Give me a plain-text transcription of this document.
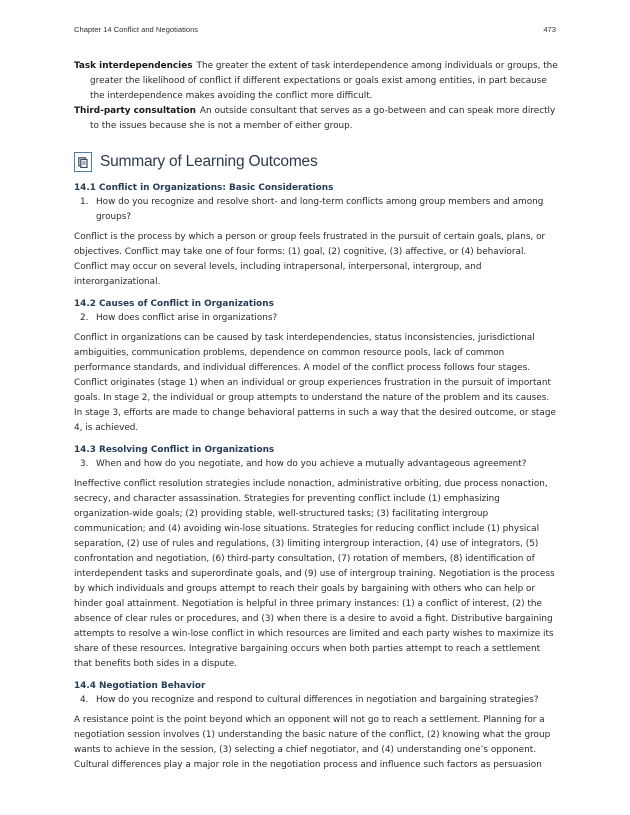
Chapter 14 Conflict and Negotiations	473

Task interdependencies The greater the extent of task interdependence among individuals or groups, the greater the likelihood of conflict if different expectations or goals exist among entities, in part because the interdependence makes avoiding the conflict more difficult.

Third-party consultation An outside consultant that serves as a go-between and can speak more directly to the issues because she is not a member of either group.

Summary of Learning Outcomes

14.1 Conflict in Organizations: Basic Considerations

1. How do you recognize and resolve short- and long-term conflicts among group members and among groups?

Conflict is the process by which a person or group feels frustrated in the pursuit of certain goals, plans, or objectives. Conflict may take one of four forms: (1) goal, (2) cognitive, (3) affective, or (4) behavioral. Conflict may occur on several levels, including intrapersonal, interpersonal, intergroup, and interorganizational.

14.2 Causes of Conflict in Organizations

2. How does conflict arise in organizations?

Conflict in organizations can be caused by task interdependencies, status inconsistencies, jurisdictional ambiguities, communication problems, dependence on common resource pools, lack of common performance standards, and individual differences. A model of the conflict process follows four stages. Conflict originates (stage 1) when an individual or group experiences frustration in the pursuit of important goals. In stage 2, the individual or group attempts to understand the nature of the problem and its causes. In stage 3, efforts are made to change behavioral patterns in such a way that the desired outcome, or stage 4, is achieved.

14.3 Resolving Conflict in Organizations

3. When and how do you negotiate, and how do you achieve a mutually advantageous agreement?

Ineffective conflict resolution strategies include nonaction, administrative orbiting, due process nonaction, secrecy, and character assassination. Strategies for preventing conflict include (1) emphasizing organization-wide goals; (2) providing stable, well-structured tasks; (3) facilitating intergroup communication; and (4) avoiding win-lose situations. Strategies for reducing conflict include (1) physical separation, (2) use of rules and regulations, (3) limiting intergroup interaction, (4) use of integrators, (5) confrontation and negotiation, (6) third-party consultation, (7) rotation of members, (8) identification of interdependent tasks and superordinate goals, and (9) use of intergroup training. Negotiation is the process by which individuals and groups attempt to reach their goals by bargaining with others who can help or hinder goal attainment. Negotiation is helpful in three primary instances: (1) a conflict of interest, (2) the absence of clear rules or procedures, and (3) when there is a desire to avoid a fight. Distributive bargaining attempts to resolve a win-lose conflict in which resources are limited and each party wishes to maximize its share of these resources. Integrative bargaining occurs when both parties attempt to reach a settlement that benefits both sides in a dispute.

14.4 Negotiation Behavior

4. How do you recognize and respond to cultural differences in negotiation and bargaining strategies?

A resistance point is the point beyond which an opponent will not go to reach a settlement. Planning for a negotiation session involves (1) understanding the basic nature of the conflict, (2) knowing what the group wants to achieve in the session, (3) selecting a chief negotiator, and (4) understanding one’s opponent. Cultural differences play a major role in the negotiation process and influence such factors as persuasion
